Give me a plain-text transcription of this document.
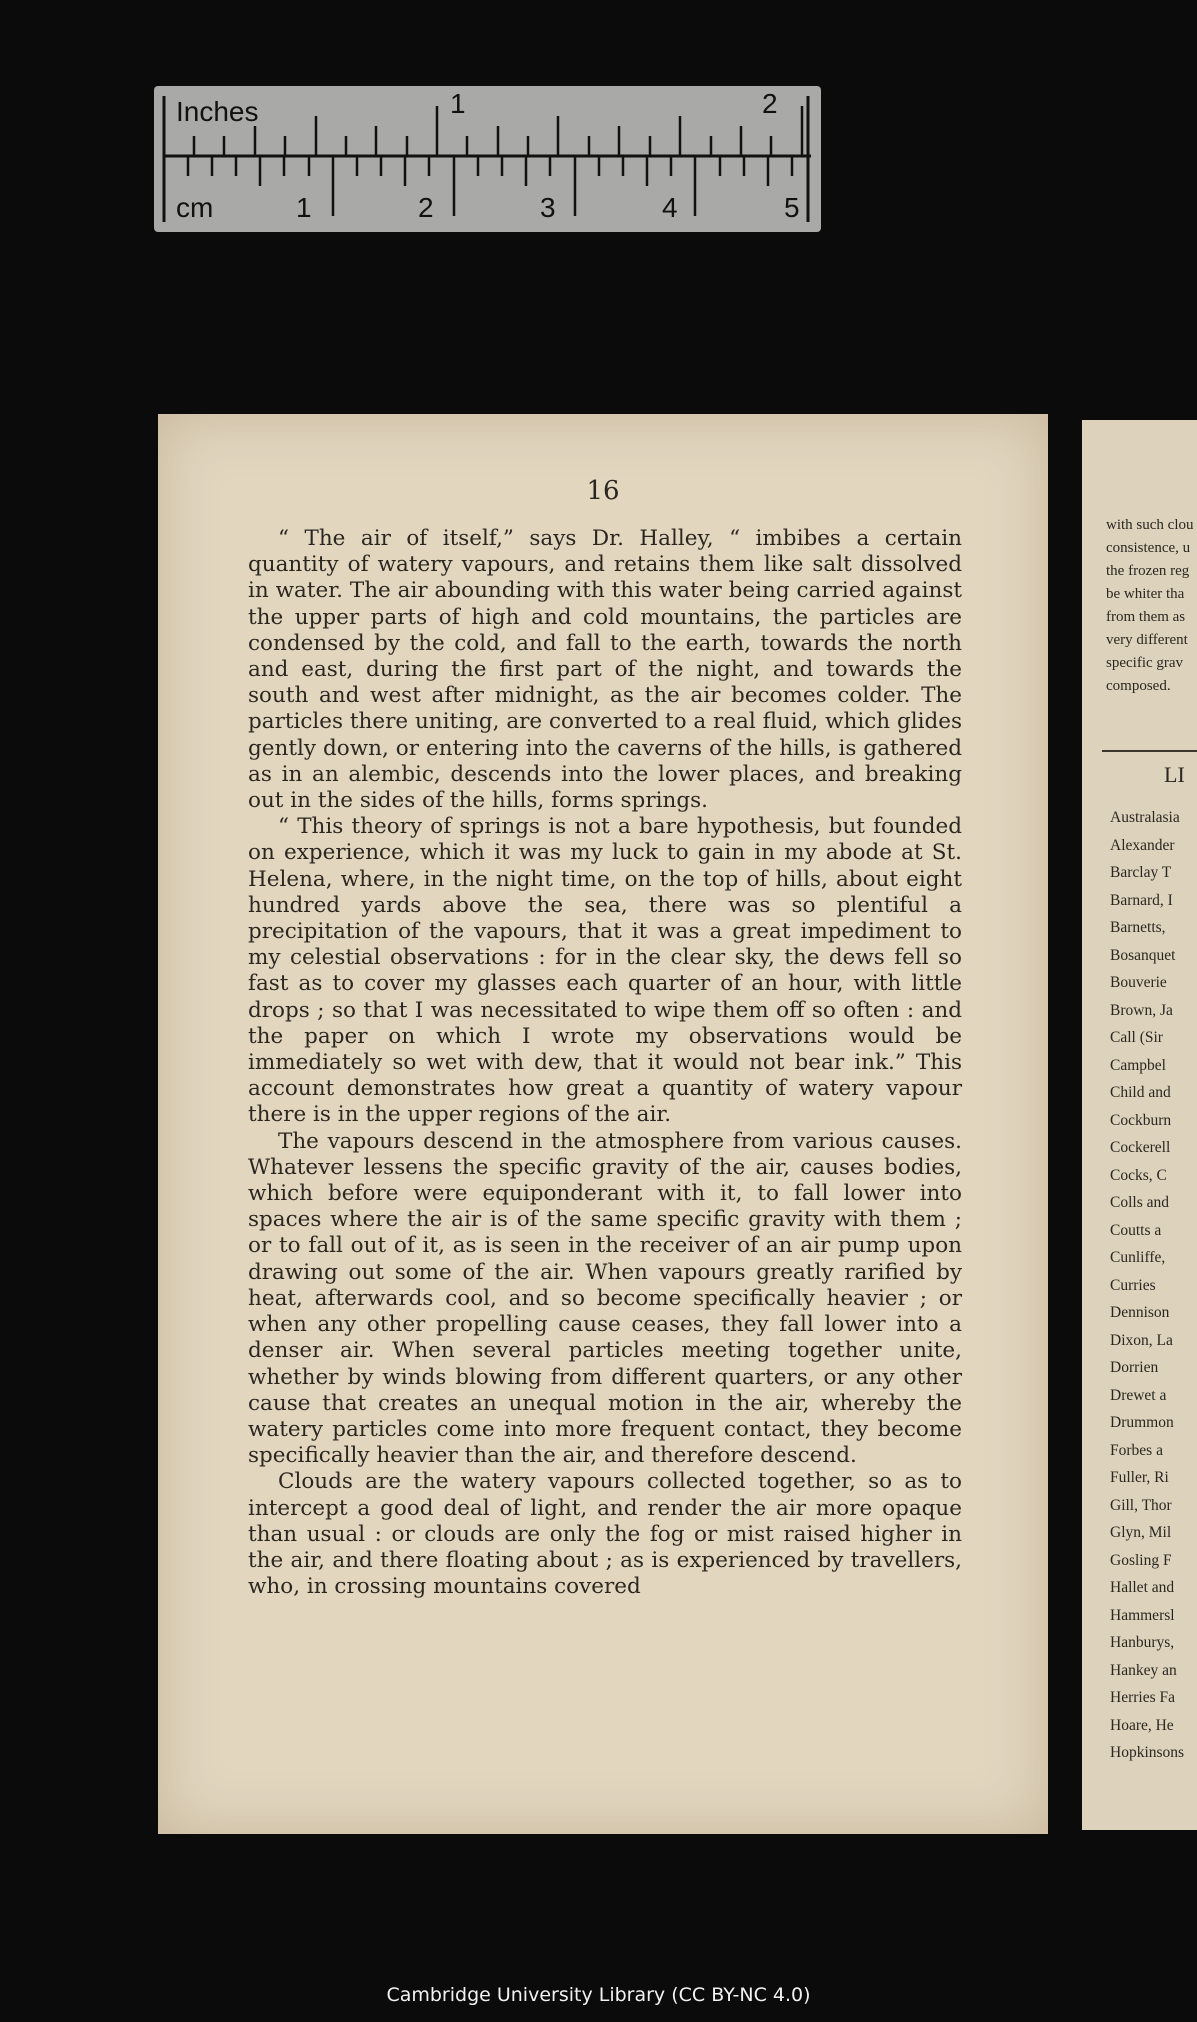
Inches	1	2
cm	1	2	3	4	5
16

“ The air of itself,” says Dr. Halley, “ imbibes a certain quantity of watery vapours, and retains them like salt dissolved in water. The air abounding with this water being carried against the upper parts of high and cold mountains, the particles are condensed by the cold, and fall to the earth, towards the north and east, during the first part of the night, and towards the south and west after midnight, as the air becomes colder. The particles there uniting, are converted to a real fluid, which glides gently down, or entering into the caverns of the hills, is gathered as in an alembic, descends into the lower places, and breaking out in the sides of the hills, forms springs.

“ This theory of springs is not a bare hypothesis, but founded on experience, which it was my luck to gain in my abode at St. Helena, where, in the night time, on the top of hills, about eight hundred yards above the sea, there was so plentiful a precipitation of the vapours, that it was a great impediment to my celestial observations : for in the clear sky, the dews fell so fast as to cover my glasses each quarter of an hour, with little drops ; so that I was necessitated to wipe them off so often : and the paper on which I wrote my observations would be immediately so wet with dew, that it would not bear ink.” This account demonstrates how great a quantity of watery vapour there is in the upper regions of the air.

The vapours descend in the atmosphere from various causes. Whatever lessens the specific gravity of the air, causes bodies, which before were equiponderant with it, to fall lower into spaces where the air is of the same specific gravity with them ; or to fall out of it, as is seen in the receiver of an air pump upon drawing out some of the air. When vapours greatly rarified by heat, afterwards cool, and so become specifically heavier ; or when any other propelling cause ceases, they fall lower into a denser air. When several particles meeting together unite, whether by winds blowing from different quarters, or any other cause that creates an unequal motion in the air, whereby the watery particles come into more frequent contact, they become specifically heavier than the air, and therefore descend.

Clouds are the watery vapours collected together, so as to intercept a good deal of light, and render the air more opaque than usual : or clouds are only the fog or mist raised higher in the air, and there floating about ; as is experienced by travellers, who, in crossing mountains covered

with such clou
consistence, u
the frozen reg
be whiter tha
from them as
very different
specific grav
composed.
LI
Australasia
Alexander
Barclay T
Barnard, I
Barnetts,
Bosanquet
Bouverie
Brown, Ja
Call (Sir
Campbel
Child and
Cockburn
Cockerell
Cocks, C
Colls and
Coutts a
Cunliffe,
Curries
Dennison
Dixon, La
Dorrien
Drewet a
Drummon
Forbes a
Fuller, Ri
Gill, Thor
Glyn, Mil
Gosling F
Hallet and
Hammersl
Hanburys,
Hankey an
Herries Fa
Hoare, He
Hopkinsons
Cambridge University Library (CC BY-NC 4.0)
